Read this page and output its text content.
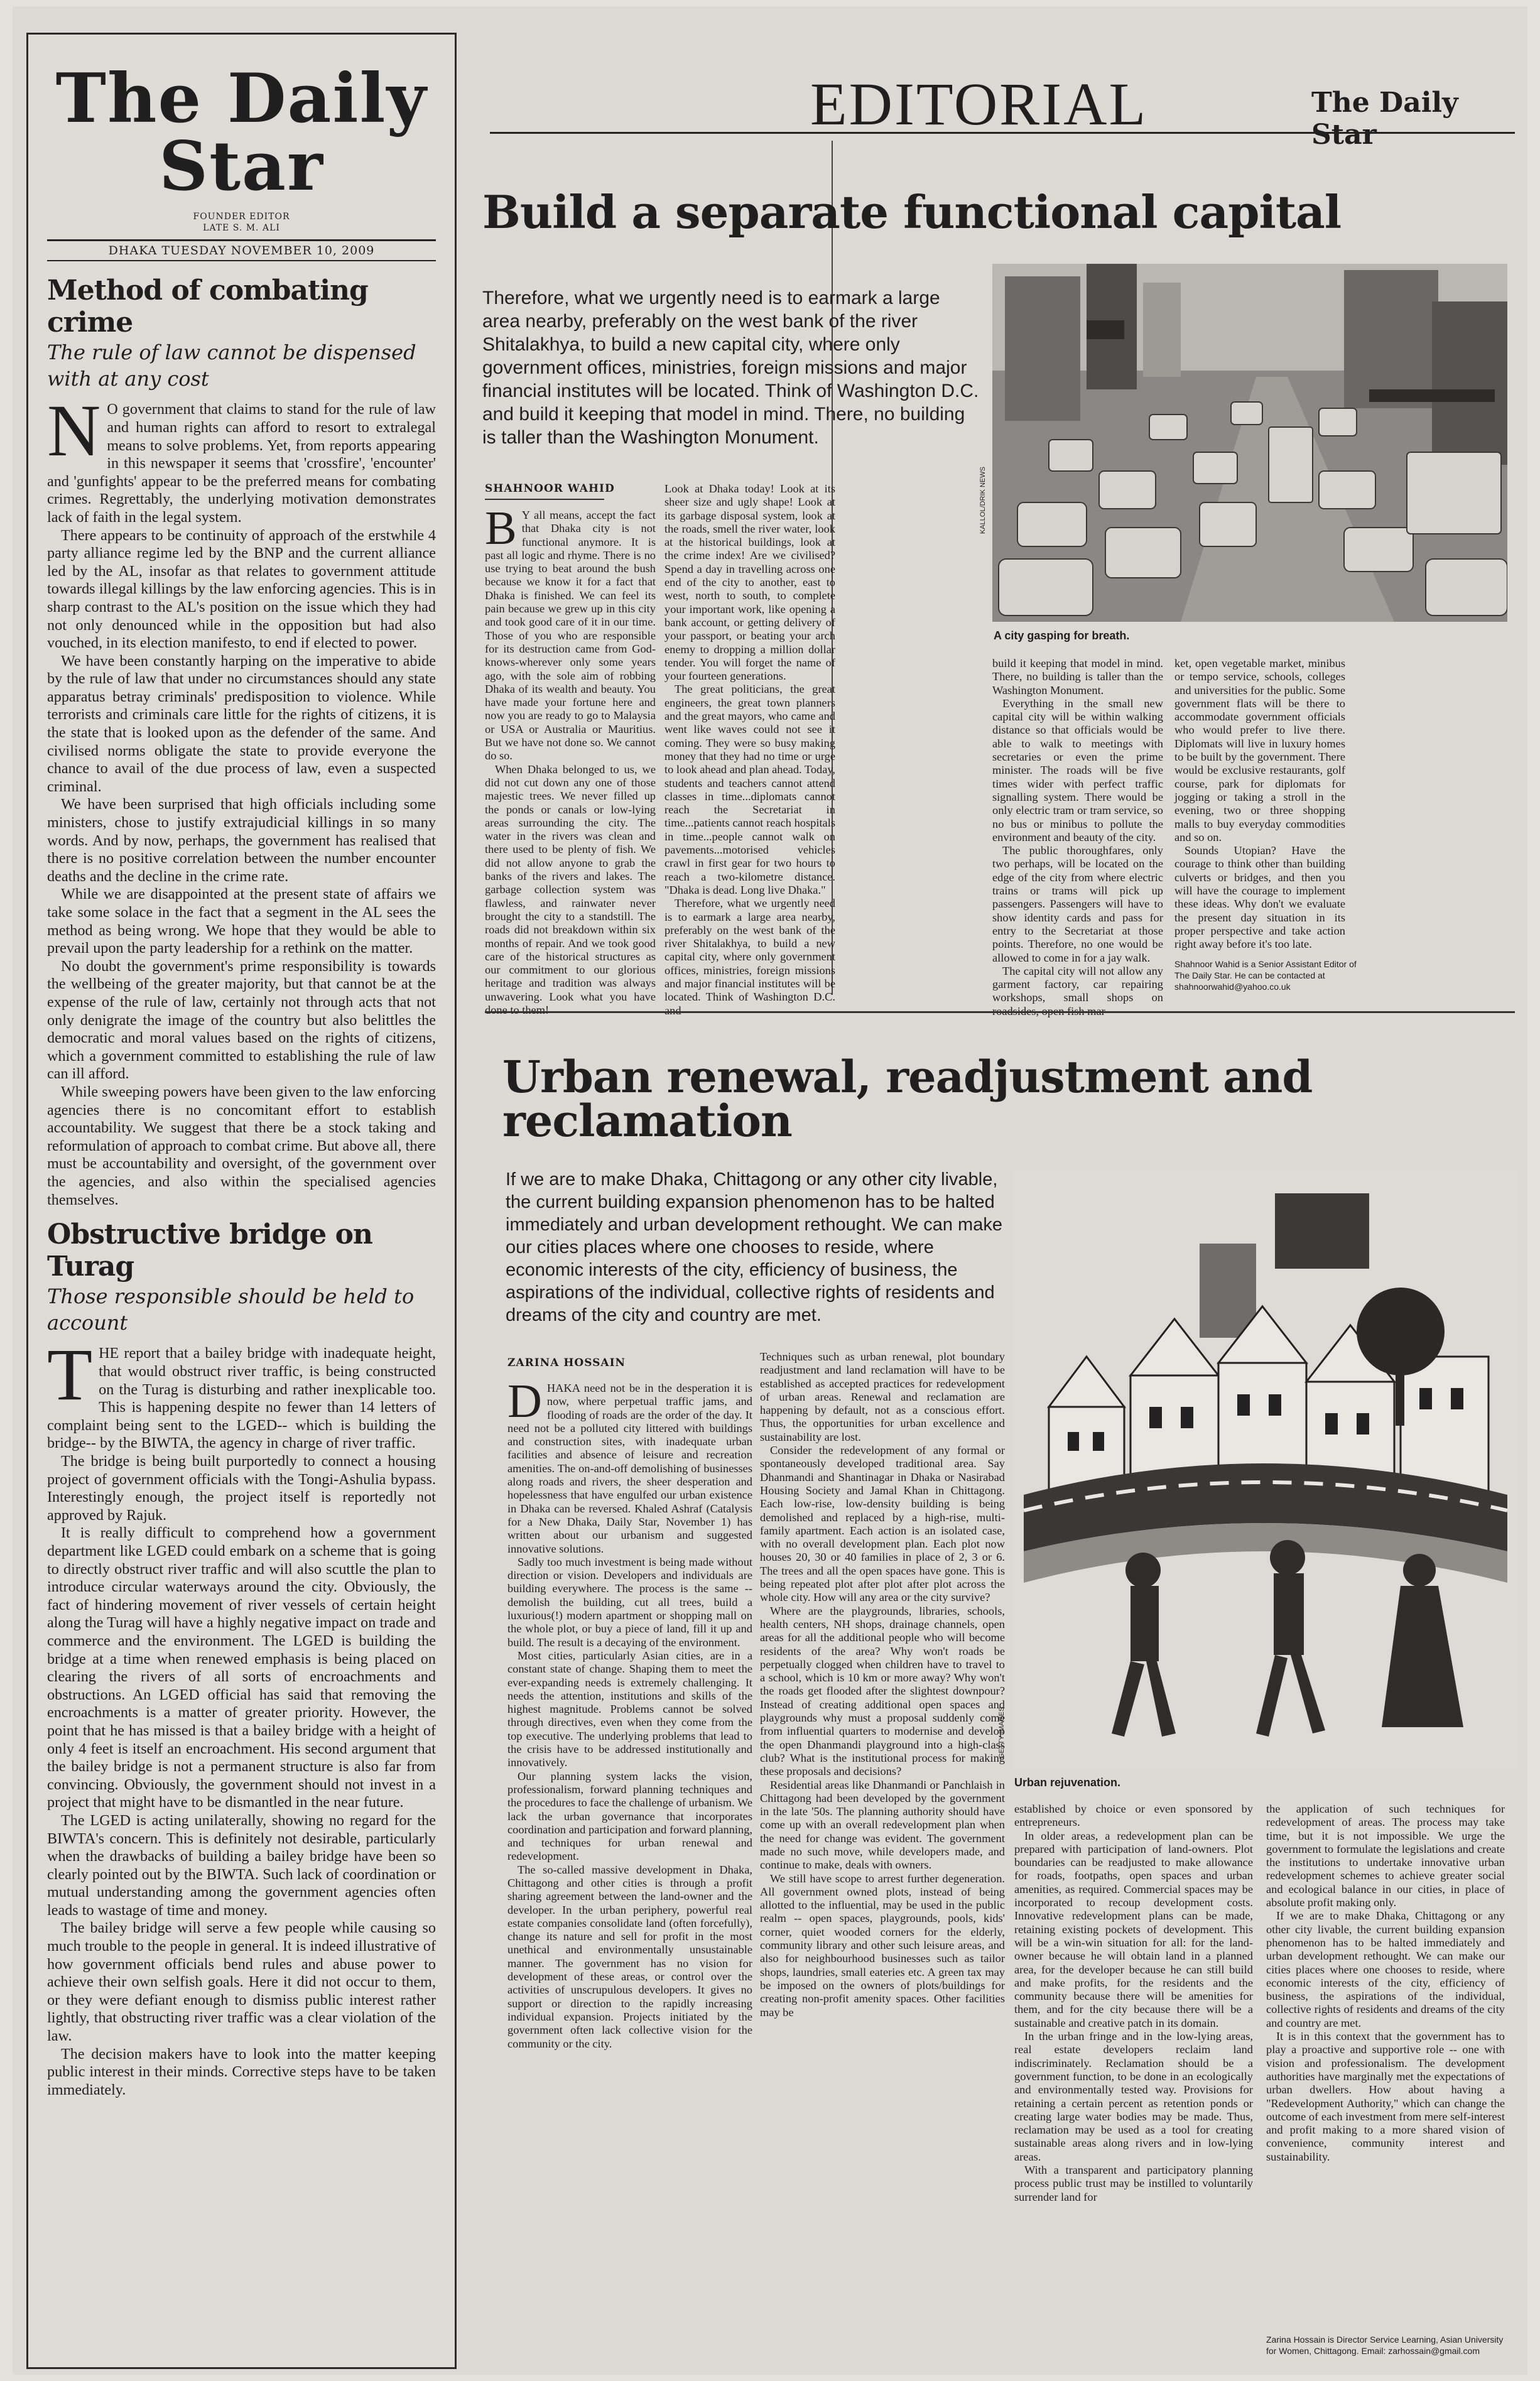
The Daily Star
FOUNDER EDITOR
LATE S. M. ALI
DHAKA TUESDAY NOVEMBER 10, 2009
Method of combating crime
The rule of law cannot be dispensed with at any cost
N O government that claims to stand for the rule of law and human rights can afford to resort to extralegal means to solve problems. Yet, from reports appearing in this newspaper it seems that 'crossfire', 'encounter' and 'gunfights' appear to be the preferred means for combating crimes. Regrettably, the underlying motivation demonstrates lack of faith in the legal system.

There appears to be continuity of approach of the erstwhile 4 party alliance regime led by the BNP and the current alliance led by the AL, insofar as that relates to government attitude towards illegal killings by the law enforcing agencies. This is in sharp contrast to the AL's position on the issue which they had not only denounced while in the opposition but had also vouched, in its election manifesto, to end if elected to power.

We have been constantly harping on the imperative to abide by the rule of law that under no circumstances should any state apparatus betray criminals' predisposition to violence. While terrorists and criminals care little for the rights of citizens, it is the state that is looked upon as the defender of the same. And civilised norms obligate the state to provide everyone the chance to avail of the due process of law, even a suspected criminal.

We have been surprised that high officials including some ministers, chose to justify extrajudicial killings in so many words. And by now, perhaps, the government has realised that there is no positive correlation between the number encounter deaths and the decline in the crime rate.

While we are disappointed at the present state of affairs we take some solace in the fact that a segment in the AL sees the method as being wrong. We hope that they would be able to prevail upon the party leadership for a rethink on the matter.

No doubt the government's prime responsibility is towards the wellbeing of the greater majority, but that cannot be at the expense of the rule of law, certainly not through acts that not only denigrate the image of the country but also belittles the democratic and moral values based on the rights of citizens, which a government committed to establishing the rule of law can ill afford.

While sweeping powers have been given to the law enforcing agencies there is no concomitant effort to establish accountability. We suggest that there be a stock taking and reformulation of approach to combat crime. But above all, there must be accountability and oversight, of the government over the agencies, and also within the specialised agencies themselves.

Obstructive bridge on Turag
Those responsible should be held to account
T HE report that a bailey bridge with inadequate height, that would obstruct river traffic, is being constructed on the Turag is disturbing and rather inexplicable too. This is happening despite no fewer than 14 letters of complaint being sent to the LGED-- which is building the bridge-- by the BIWTA, the agency in charge of river traffic.

The bridge is being built purportedly to connect a housing project of government officials with the Tongi-Ashulia bypass. Interestingly enough, the project itself is reportedly not approved by Rajuk.

It is really difficult to comprehend how a government department like LGED could embark on a scheme that is going to directly obstruct river traffic and will also scuttle the plan to introduce circular waterways around the city. Obviously, the fact of hindering movement of river vessels of certain height along the Turag will have a highly negative impact on trade and commerce and the environment. The LGED is building the bridge at a time when renewed emphasis is being placed on clearing the rivers of all sorts of encroachments and obstructions. An LGED official has said that removing the encroachments is a matter of greater priority. However, the point that he has missed is that a bailey bridge with a height of only 4 feet is itself an encroachment. His second argument that the bailey bridge is not a permanent structure is also far from convincing. Obviously, the government should not invest in a project that might have to be dismantled in the near future.

The LGED is acting unilaterally, showing no regard for the BIWTA's concern. This is definitely not desirable, particularly when the drawbacks of building a bailey bridge have been so clearly pointed out by the BIWTA. Such lack of coordination or mutual understanding among the government agencies often leads to wastage of time and money.

The bailey bridge will serve a few people while causing so much trouble to the people in general. It is indeed illustrative of how government officials bend rules and abuse power to achieve their own selfish goals. Here it did not occur to them, or they were defiant enough to dismiss public interest rather lightly, that obstructing river traffic was a clear violation of the law.

The decision makers have to look into the matter keeping public interest in their minds. Corrective steps have to be taken immediately.

EDITORIAL	The Daily Star
Build a separate functional capital
Therefore, what we urgently need is to earmark a large area nearby, preferably on the west bank of the river Shitalakhya, to build a new capital city, where only government offices, ministries, foreign missions and major financial institutes will be located. Think of Washington D.C. and build it keeping that model in mind. There, no building is taller than the Washington Monument.
SHAHNOOR WAHID
A city gasping for breath.
KALLOL/DRIK NEWS
B Y all means, accept the fact that Dhaka city is not functional anymore. It is past all logic and rhyme. There is no use trying to beat around the bush because we know it for a fact that Dhaka is finished. We can feel its pain because we grew up in this city and took good care of it in our time. Those of you who are responsible for its destruction came from God-knows-wherever only some years ago, with the sole aim of robbing Dhaka of its wealth and beauty. You have made your fortune here and now you are ready to go to Malaysia or USA or Australia or Mauritius. But we have not done so. We cannot do so.

When Dhaka belonged to us, we did not cut down any one of those majestic trees. We never filled up the ponds or canals or low-lying areas surrounding the city. The water in the rivers was clean and there used to be plenty of fish. We did not allow anyone to grab the banks of the rivers and lakes. The garbage collection system was flawless, and rainwater never brought the city to a standstill. The roads did not breakdown within six months of repair. And we took good care of the historical structures as our commitment to our glorious heritage and tradition was always unwavering. Look what you have done to them!

Look at Dhaka today! Look at its sheer size and ugly shape! Look at its garbage disposal system, look at the roads, smell the river water, look at the historical buildings, look at the crime index! Are we civilised? Spend a day in travelling across one end of the city to another, east to west, north to south, to complete your important work, like opening a bank account, or getting delivery of your passport, or beating your arch enemy to dropping a million dollar tender. You will forget the name of your fourteen generations.

The great politicians, the great engineers, the great town planners and the great mayors, who came and went like waves could not see it coming. They were so busy making money that they had no time or urge to look ahead and plan ahead. Today, students and teachers cannot attend classes in time...diplomats cannot reach the Secretariat in time...patients cannot reach hospitals in time...people cannot walk on pavements...motorised vehicles crawl in first gear for two hours to reach a two-kilometre distance. "Dhaka is dead. Long live Dhaka."

Therefore, what we urgently need is to earmark a large area nearby, preferably on the west bank of the river Shitalakhya, to build a new capital city, where only government offices, ministries, foreign missions and major financial institutes will be located. Think of Washington D.C. and

build it keeping that model in mind. There, no building is taller than the Washington Monument.

Everything in the small new capital city will be within walking distance so that officials would be able to walk to meetings with secretaries or even the prime minister. The roads will be five times wider with perfect traffic signalling system. There would be only electric tram or tram service, so no bus or minibus to pollute the environment and beauty of the city.

The public thoroughfares, only two perhaps, will be located on the edge of the city from where electric trains or trams will pick up passengers. Passengers will have to show identity cards and pass for entry to the Secretariat at those points. Therefore, no one would be allowed to come in for a jay walk.

The capital city will not allow any garment factory, car repairing workshops, small shops on roadsides, open fish mar-

ket, open vegetable market, minibus or tempo service, schools, colleges and universities for the public. Some government flats will be there to accommodate government officials who would prefer to live there. Diplomats will live in luxury homes to be built by the government. There would be exclusive restaurants, golf course, park for diplomats for jogging or taking a stroll in the evening, two or three shopping malls to buy everyday commodities and so on.

Sounds Utopian? Have the courage to think other than building culverts or bridges, and then you will have the courage to implement these ideas. Why don't we evaluate the present day situation in its proper perspective and take action right away before it's too late.

Shahnoor Wahid is a Senior Assistant Editor of The Daily Star. He can be contacted at shahnoorwahid@yahoo.co.uk
Urban renewal, readjustment and reclamation
If we are to make Dhaka, Chittagong or any other city livable, the current building expansion phenomenon has to be halted immediately and urban development rethought. We can make our cities places where one chooses to reside, where economic interests of the city, efficiency of business, the aspirations of the individual, collective rights of residents and dreams of the city and country are met.
ZARINA HOSSAIN
Urban rejuvenation.
GETTY IMAGES
D HAKA need not be in the desperation it is now, where perpetual traffic jams, and flooding of roads are the order of the day. It need not be a polluted city littered with buildings and construction sites, with inadequate urban facilities and absence of leisure and recreation amenities. The on-and-off demolishing of businesses along roads and rivers, the sheer desperation and hopelessness that have engulfed our urban existence in Dhaka can be reversed. Khaled Ashraf (Catalysis for a New Dhaka, Daily Star, November 1) has written about our urbanism and suggested innovative solutions.

Sadly too much investment is being made without direction or vision. Developers and individuals are building everywhere. The process is the same -- demolish the building, cut all trees, build a luxurious(!) modern apartment or shopping mall on the whole plot, or buy a piece of land, fill it up and build. The result is a decaying of the environment.

Most cities, particularly Asian cities, are in a constant state of change. Shaping them to meet the ever-expanding needs is extremely challenging. It needs the attention, institutions and skills of the highest magnitude. Problems cannot be solved through directives, even when they come from the top executive. The underlying problems that lead to the crisis have to be addressed institutionally and innovatively.

Our planning system lacks the vision, professionalism, forward planning techniques and the procedures to face the challenge of urbanism. We lack the urban governance that incorporates coordination and participation and forward planning, and techniques for urban renewal and redevelopment.

The so-called massive development in Dhaka, Chittagong and other cities is through a profit sharing agreement between the land-owner and the developer. In the urban periphery, powerful real estate companies consolidate land (often forcefully), change its nature and sell for profit in the most unethical and environmentally unsustainable manner. The government has no vision for development of these areas, or control over the activities of unscrupulous developers. It gives no support or direction to the rapidly increasing individual expansion. Projects initiated by the government often lack collective vision for the community or the city.

Techniques such as urban renewal, plot boundary readjustment and land reclamation will have to be established as accepted practices for redevelopment of urban areas. Renewal and reclamation are happening by default, not as a conscious effort. Thus, the opportunities for urban excellence and sustainability are lost.

Consider the redevelopment of any formal or spontaneously developed traditional area. Say Dhanmandi and Shantinagar in Dhaka or Nasirabad Housing Society and Jamal Khan in Chittagong. Each low-rise, low-density building is being demolished and replaced by a high-rise, multi-family apartment. Each action is an isolated case, with no overall development plan. Each plot now houses 20, 30 or 40 families in place of 2, 3 or 6. The trees and all the open spaces have gone. This is being repeated plot after plot after plot across the whole city. How will any area or the city survive?

Where are the playgrounds, libraries, schools, health centers, NH shops, drainage channels, open areas for all the additional people who will become residents of the area? Why won't roads be perpetually clogged when children have to travel to a school, which is 10 km or more away? Why won't the roads get flooded after the slightest downpour? Instead of creating additional open spaces and playgrounds why must a proposal suddenly come from influential quarters to modernise and develop the open Dhanmandi playground into a high-class club? What is the institutional process for making these proposals and decisions?

Residential areas like Dhanmandi or Panchlaish in Chittagong had been developed by the government in the late '50s. The planning authority should have come up with an overall redevelopment plan when the need for change was evident. The government made no such move, while developers made, and continue to make, deals with owners.

We still have scope to arrest further degeneration. All government owned plots, instead of being allotted to the influential, may be used in the public realm -- open spaces, playgrounds, pools, kids' corner, quiet wooded corners for the elderly, community library and other such leisure areas, and also for neighbourhood businesses such as tailor shops, laundries, small eateries etc. A green tax may be imposed on the owners of plots/buildings for creating non-profit amenity spaces. Other facilities may be

established by choice or even sponsored by entrepreneurs.

In older areas, a redevelopment plan can be prepared with participation of land-owners. Plot boundaries can be readjusted to make allowance for roads, footpaths, open spaces and urban amenities, as required. Commercial spaces may be incorporated to recoup development costs. Innovative redevelopment plans can be made, retaining existing pockets of development. This will be a win-win situation for all: for the land-owner because he will obtain land in a planned area, for the developer because he can still build and make profits, for the residents and the community because there will be amenities for them, and for the city because there will be a sustainable and creative patch in its domain.

In the urban fringe and in the low-lying areas, real estate developers reclaim land indiscriminately. Reclamation should be a government function, to be done in an ecologically and environmentally tested way. Provisions for retaining a certain percent as retention ponds or creating large water bodies may be made. Thus, reclamation may be used as a tool for creating sustainable areas along rivers and in low-lying areas.

With a transparent and participatory planning process public trust may be instilled to voluntarily surrender land for

the application of such techniques for redevelopment of areas. The process may take time, but it is not impossible. We urge the government to formulate the legislations and create the institutions to undertake innovative urban redevelopment schemes to achieve greater social and ecological balance in our cities, in place of absolute profit making only.

If we are to make Dhaka, Chittagong or any other city livable, the current building expansion phenomenon has to be halted immediately and urban development rethought. We can make our cities places where one chooses to reside, where economic interests of the city, efficiency of business, the aspirations of the individual, collective rights of residents and dreams of the city and country are met.

It is in this context that the government has to play a proactive and supportive role -- one with vision and professionalism. The development authorities have marginally met the expectations of urban dwellers. How about having a "Redevelopment Authority," which can change the outcome of each investment from mere self-interest and profit making to a more shared vision of convenience, community interest and sustainability.

Zarina Hossain is Director Service Learning, Asian University for Women, Chittagong. Email: zarhossain@gmail.com
